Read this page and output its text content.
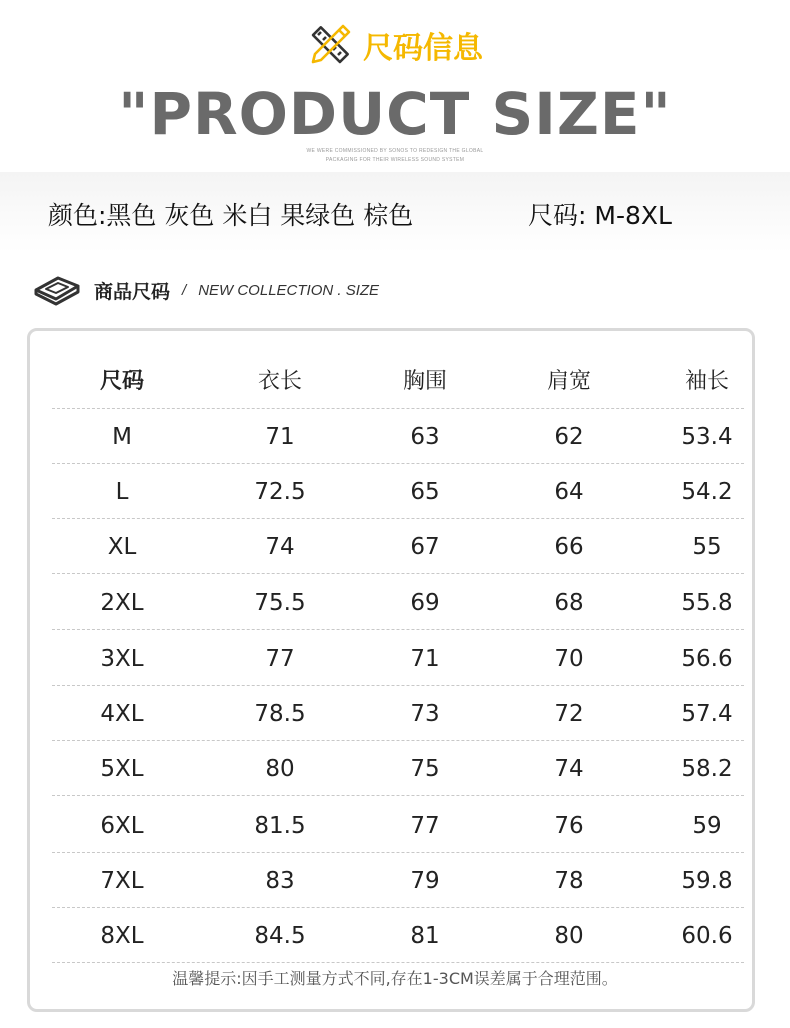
尺码信息
"PRODUCT SIZE"
WE WERE COMMISSIONED BY SONOS TO REDESIGN THE GLOBAL
PACKAGING FOR THEIR WIRELESS SOUND SYSTEM
颜色:黑色 灰色 米白 果绿色 棕色	尺码: M-8XL
商品尺码 / NEW COLLECTION . SIZE
尺码	衣长	胸围	肩宽	袖长
M	71	63	62	53.4
L	72.5	65	64	54.2
XL	74	67	66	55
2XL	75.5	69	68	55.8
3XL	77	71	70	56.6
4XL	78.5	73	72	57.4
5XL	80	75	74	58.2
6XL	81.5	77	76	59
7XL	83	79	78	59.8
8XL	84.5	81	80	60.6
温馨提示:因手工测量方式不同,存在1-3CM误差属于合理范围。
